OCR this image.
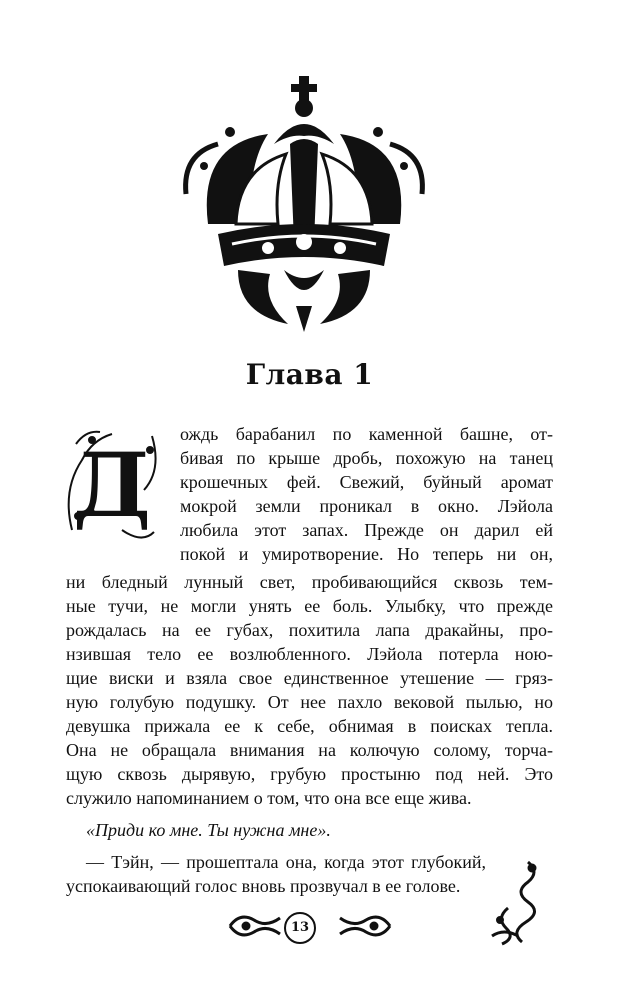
Глава 1
Д	ождь барабанил по каменной башне, от-
бивая по крыше дробь, похожую на танец
крошечных фей. Свежий, буйный аромат
мокрой земли проникал в окно. Лэйола
любила этот запах. Прежде он дарил ей
покой и умиротворение. Но теперь ни он,
ни бледный лунный свет, пробивающийся сквозь тем-
ные тучи, не могли унять ее боль. Улыбку, что прежде
рождалась на ее губах, похитила лапа дракайны, про-
нзившая тело ее возлюбленного. Лэйола потерла ною-
щие виски и взяла свое единственное утешение — гряз-
ную голубую подушку. От нее пахло вековой пылью, но
девушка прижала ее к себе, обнимая в поисках тепла.
Она не обращала внимания на колючую солому, торча-
щую сквозь дырявую, грубую простыню под ней. Это
служило напоминанием о том, что она все еще жива.
«Приди ко мне. Ты нужна мне».
— Тэйн, — прошептала она, когда этот глубокий,
успокаивающий голос вновь прозвучал в ее голове.
13
